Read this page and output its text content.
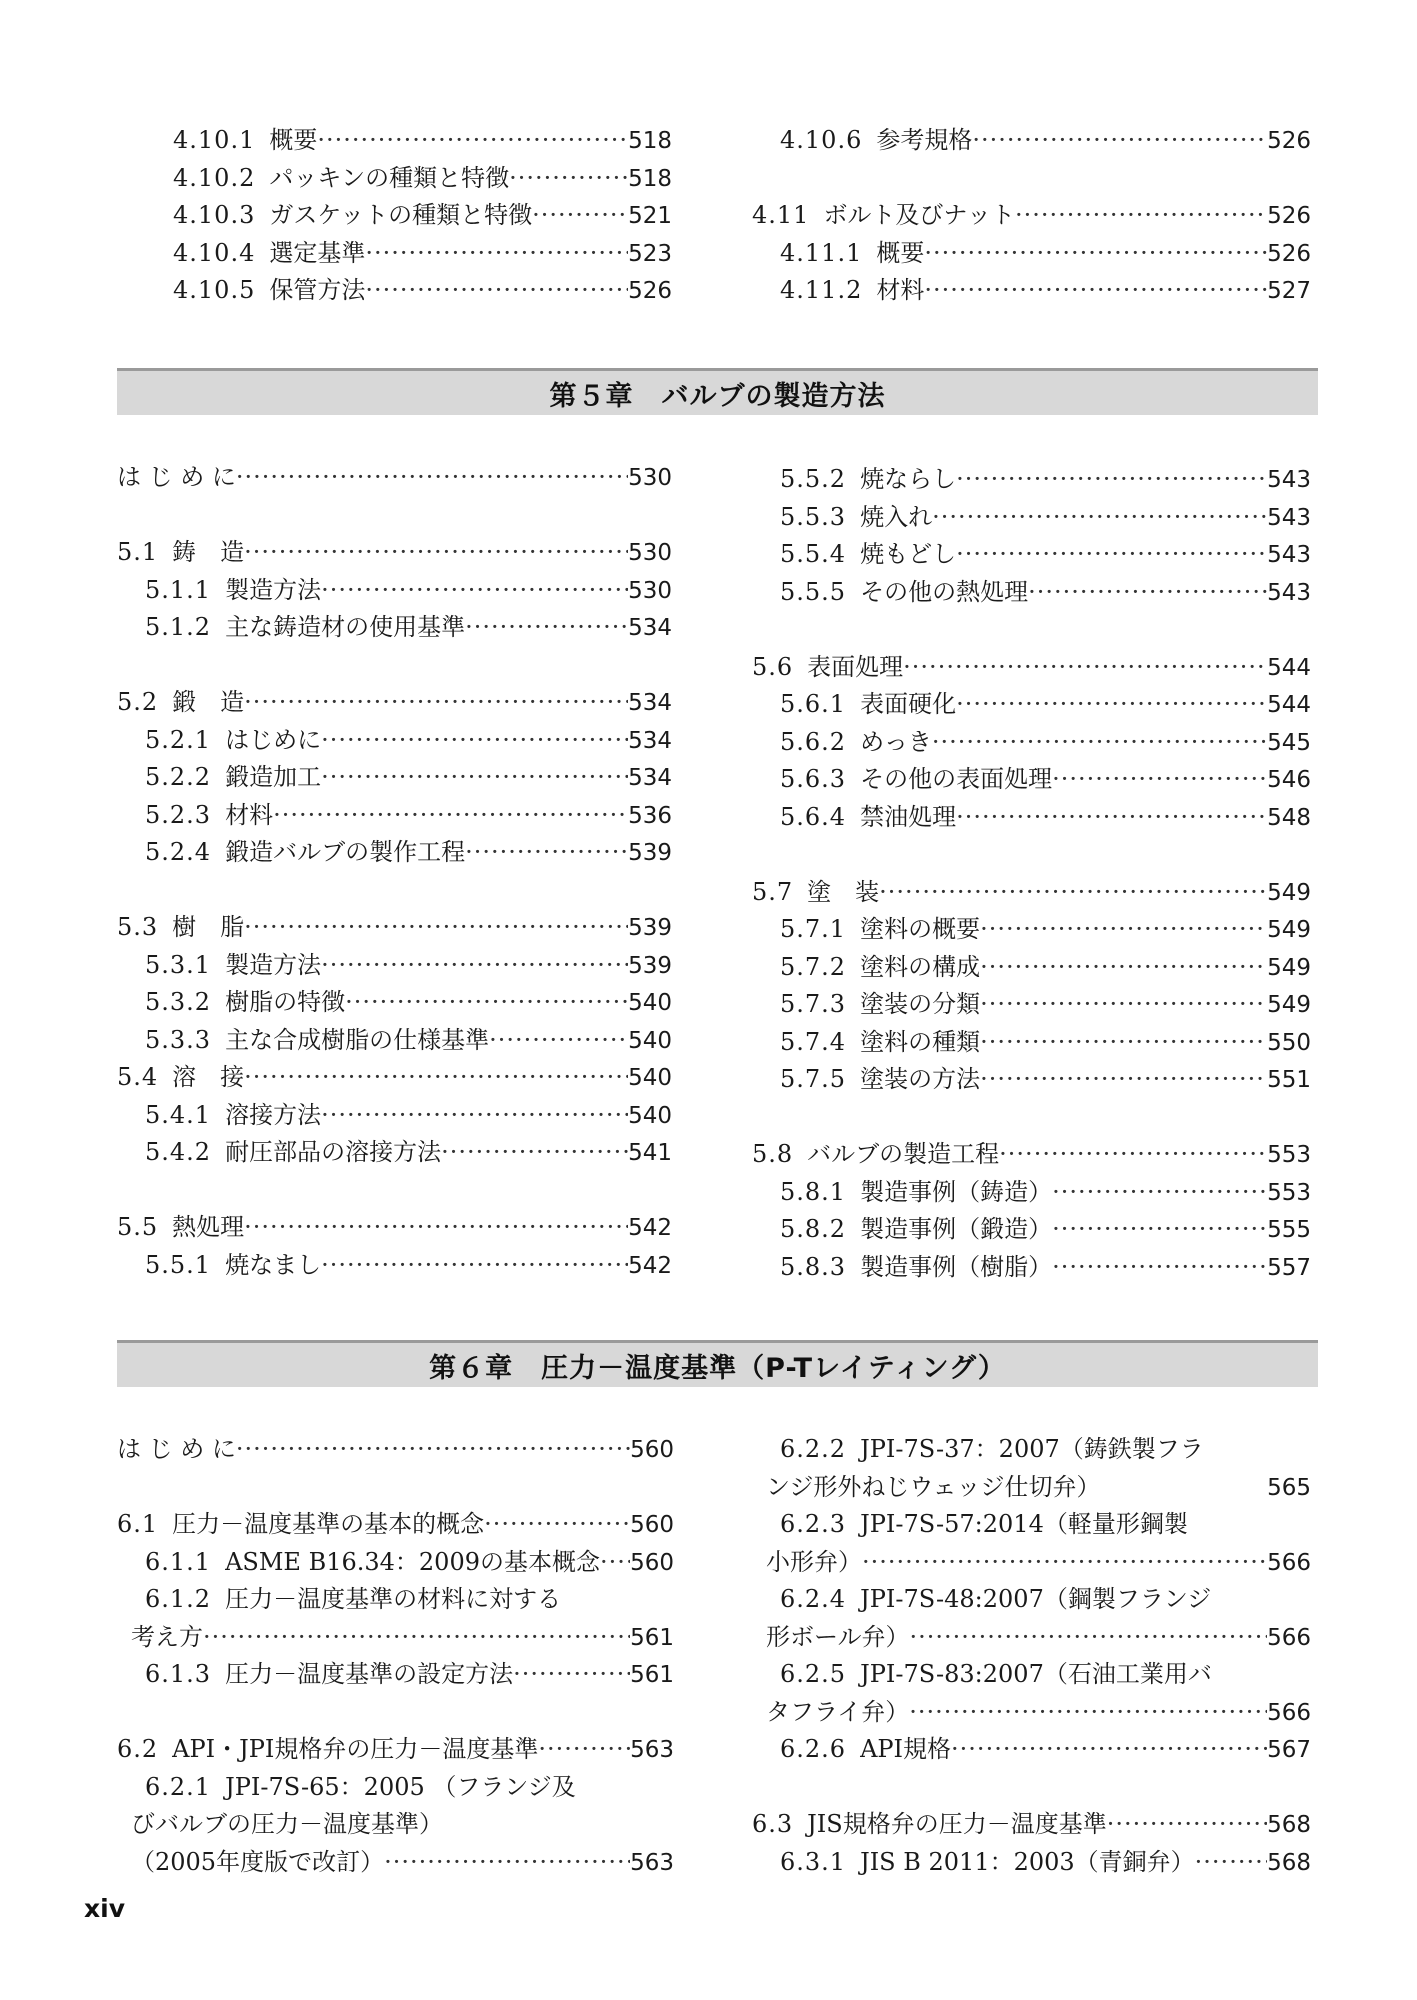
4.10.1 概要 ·····	518
4.10.2 パッキンの種類と特徴 ·····	518
4.10.3 ガスケットの種類と特徴 ·····	521
4.10.4 選定基準 ·····	523
4.10.5 保管方法 ·····	526
4.10.6 参考規格 ·····	526
4.11 ボルト及びナット ·····	526
4.11.1 概要 ·····	526
4.11.2 材料 ·····	527
第５章　バルブの製造方法
は じ め に ·····	530
5.1 鋳　造 ·····	530
5.1.1 製造方法 ·····	530
5.1.2 主な鋳造材の使用基準 ·····	534
5.2 鍛　造 ·····	534
5.2.1 はじめに ·····	534
5.2.2 鍛造加工 ·····	534
5.2.3 材料 ·····	536
5.2.4 鍛造バルブの製作工程 ·····	539
5.3 樹　脂 ·····	539
5.3.1 製造方法 ·····	539
5.3.2 樹脂の特徴 ·····	540
5.3.3 主な合成樹脂の仕様基準 ·····	540
5.4 溶　接 ·····	540
5.4.1 溶接方法 ·····	540
5.4.2 耐圧部品の溶接方法 ·····	541
5.5 熱処理 ·····	542
5.5.1 焼なまし ·····	542
5.5.2 焼ならし ·····	543
5.5.3 焼入れ ·····	543
5.5.4 焼もどし ·····	543
5.5.5 その他の熱処理 ·····	543
5.6 表面処理 ·····	544
5.6.1 表面硬化 ·····	544
5.6.2 めっき ·····	545
5.6.3 その他の表面処理 ·····	546
5.6.4 禁油処理 ·····	548
5.7 塗　装 ·····	549
5.7.1 塗料の概要 ·····	549
5.7.2 塗料の構成 ·····	549
5.7.3 塗装の分類 ·····	549
5.7.4 塗料の種類 ·····	550
5.7.5 塗装の方法 ·····	551
5.8 バルブの製造工程 ·····	553
5.8.1 製造事例（鋳造） ·····	553
5.8.2 製造事例（鍛造） ·····	555
5.8.3 製造事例（樹脂） ·····	557
第６章　圧力－温度基準（P-Tレイティング）
は じ め に ·····	560
6.1 圧力－温度基準の基本的概念 ·····	560
6.1.1 ASME B16.34：2009の基本概念 ····· 560
6.1.2 圧力－温度基準の材料に対する
考え方 ·····	561
6.1.3 圧力－温度基準の設定方法 ·····	561
6.2 API・JPI規格弁の圧力－温度基準 ·····	563
6.2.1 JPI-7S-65：2005 （フランジ及
びバルブの圧力－温度基準）
（2005年度版で改訂） ·····	563
6.2.2 JPI-7S-37：2007（鋳鉄製フラ
ンジ形外ねじウェッジ仕切弁）	565
6.2.3 JPI-7S-57:2014（軽量形鋼製
小形弁） ·····	566
6.2.4 JPI-7S-48:2007（鋼製フランジ
形ボール弁） ·····	566
6.2.5 JPI-7S-83:2007（石油工業用バ
タフライ弁） ·····	566
6.2.6 API規格 ·····	567
6.3 JIS規格弁の圧力－温度基準 ·····	568
6.3.1 JIS B 2011：2003（青銅弁） ·····	568
xiv
